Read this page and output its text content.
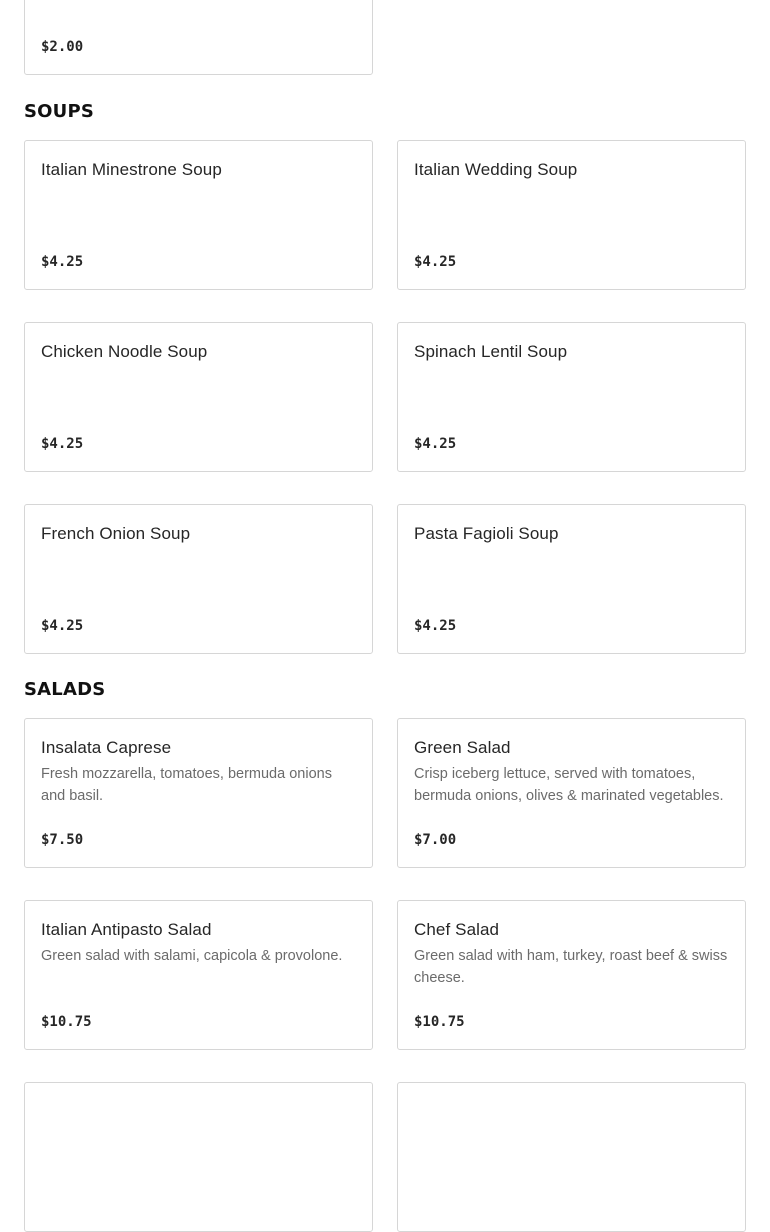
$2.00
SOUPS
Italian Minestrone Soup
$4.25
Italian Wedding Soup
$4.25
Chicken Noodle Soup
$4.25
Spinach Lentil Soup
$4.25
French Onion Soup
$4.25
Pasta Fagioli Soup
$4.25
SALADS
Insalata Caprese
Fresh mozzarella, tomatoes, bermuda onions and basil.
$7.50
Green Salad
Crisp iceberg lettuce, served with tomatoes, bermuda onions, olives & marinated vegetables.
$7.00
Italian Antipasto Salad
Green salad with salami, capicola & provolone.
$10.75
Chef Salad
Green salad with ham, turkey, roast beef & swiss cheese.
$10.75
